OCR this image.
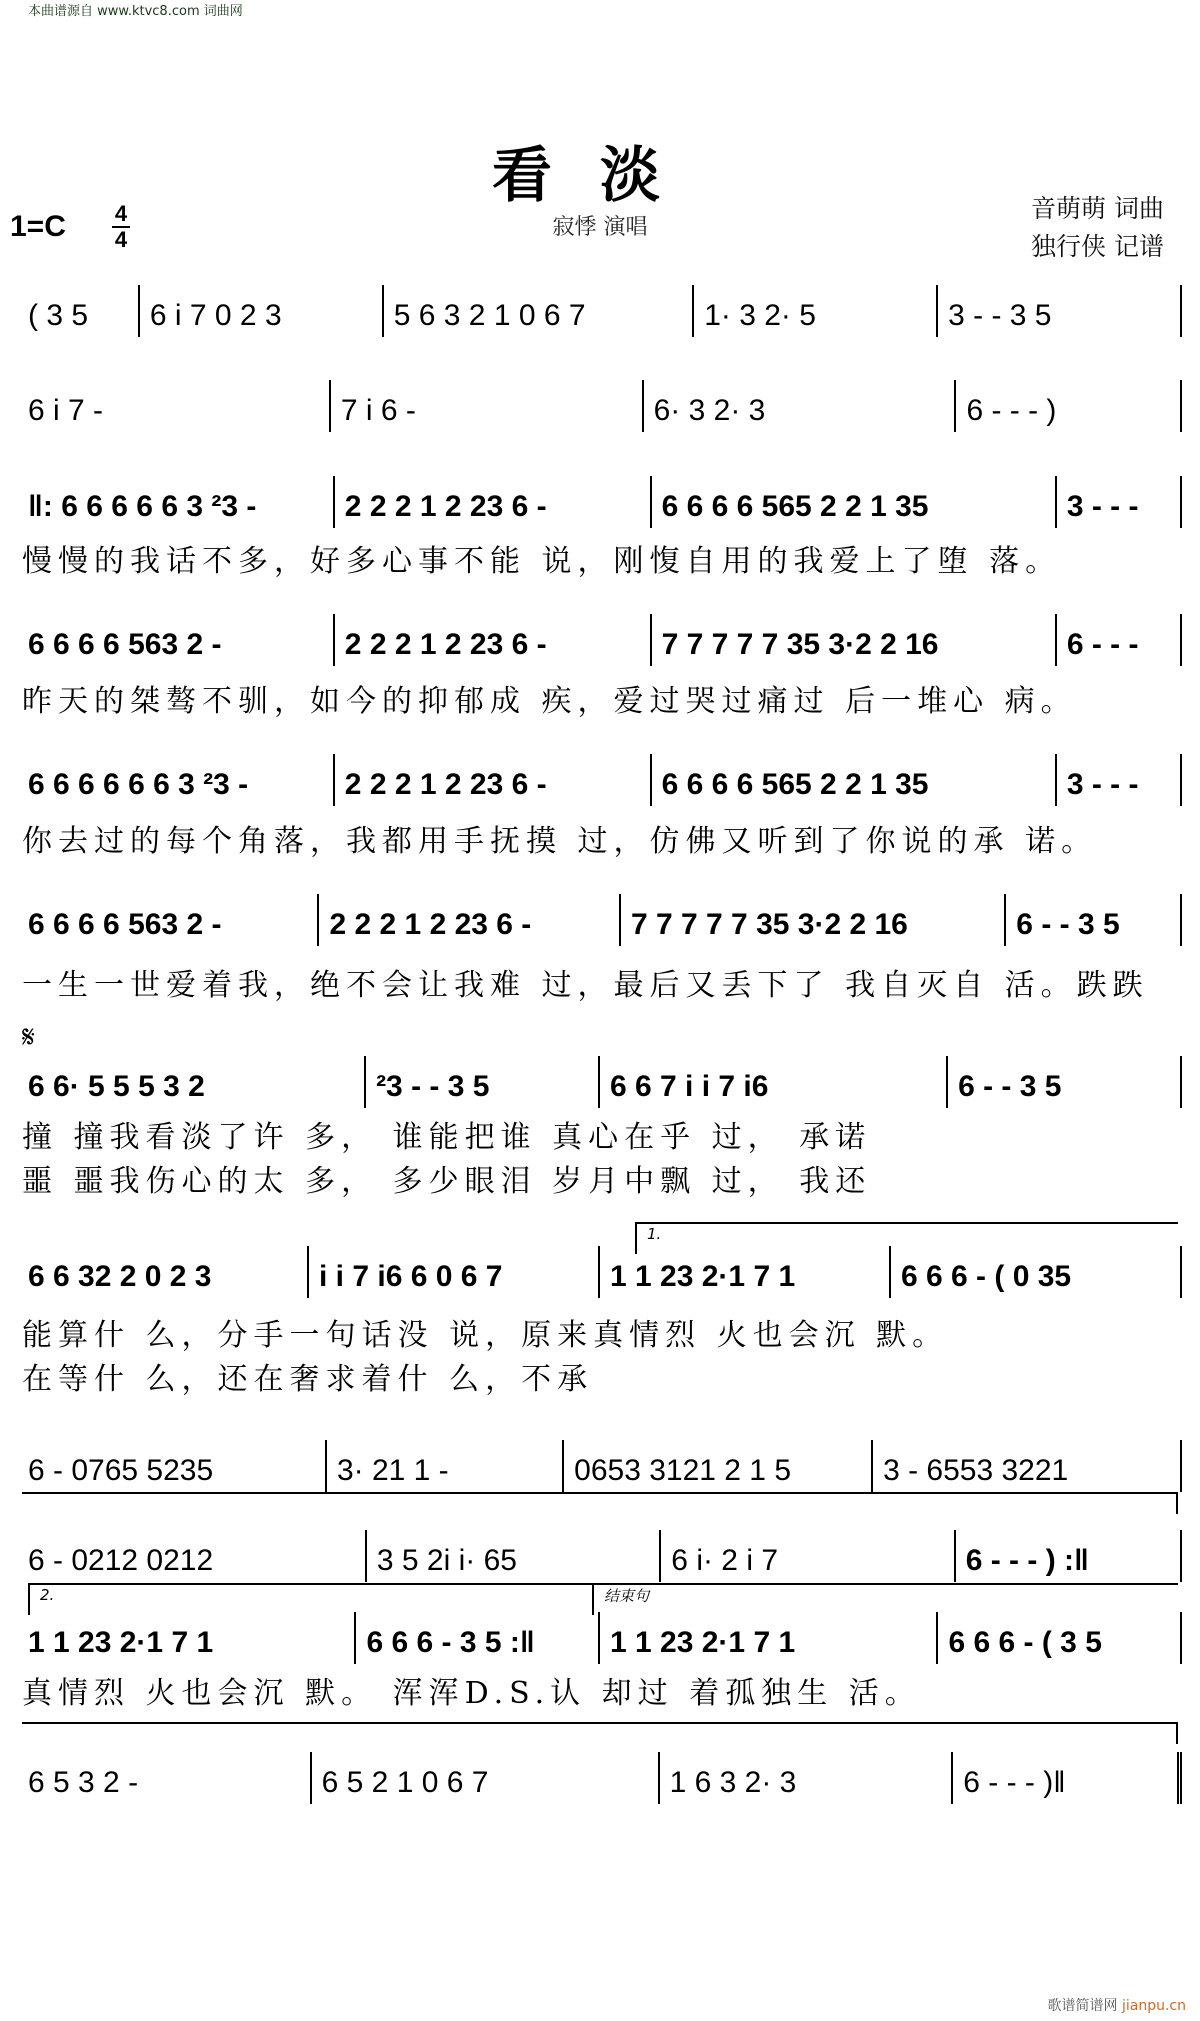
本曲谱源自 www.ktvc8.com 词曲网
看淡
寂悸 演唱
1=C 4
4
音萌萌 词曲
独行侠 记谱
( 3 5	6 i 7 0 2 3	5 6 3 2 1 0 6 7	1· 3 2· 5	3 - - 3 5
6 i 7 -	7 i 6 -	6· 3 2· 3	6 - - - )
‖: 6 6 6 6 6 3 ²3 -	2 2 2 1 2 23 6 -	6 6 6 6 565 2 2 1 35	3 - - -
慢慢的我话不多，好多心事不能 说，刚愎自用的我爱上了堕 落。
6 6 6 6 563 2 -	2 2 2 1 2 23 6 -	7 7 7 7 7 35 3·2 2 16	6 - - -
昨天的桀骜不驯，如今的抑郁成 疾，爱过哭过痛过 后一堆心 病。
6 6 6 6 6 6 3 ²3 -	2 2 2 1 2 23 6 -	6 6 6 6 565 2 2 1 35	3 - - -
你去过的每个角落，我都用手抚摸 过，仿佛又听到了你说的承 诺。
6 6 6 6 563 2 -	2 2 2 1 2 23 6 -	7 7 7 7 7 35 3·2 2 16	6 - - 3 5
一生一世爱着我，绝不会让我难 过，最后又丢下了 我自灭自 活。跌跌
𝄋
6 6· 5 5 5 3 2	²3 - - 3 5	6 6 7 i i 7 i6	6 - - 3 5
撞 撞我看淡了许 多， 谁能把谁 真心在乎 过， 承诺
噩 噩我伤心的太 多， 多少眼泪 岁月中飘 过， 我还
1.
6 6 32 2 0 2 3	i i 7 i6 6 0 6 7	1 1 23 2·1 7 1	6 6 6 - ( 0 35
能算什 么，分手一句话没 说，原来真情烈 火也会沉 默。
在等什 么，还在奢求着什 么，不承
6 - 0765 5235	3· 21 1 -	0653 3121 2 1 5	3 - 6553 3221
6 - 0212 0212	3 5 2i i· 65	6 i· 2 i 7	6 - - - ) :‖
2.	结束句
1 1 23 2·1 7 1	6 6 6 - 3 5 :‖	1 1 23 2·1 7 1	6 6 6 - ( 3 5
真情烈 火也会沉 默。 浑浑D.S.认 却过 着孤独生 活。
6 5 3 2 -	6 5 2 1 0 6 7	1 6 3 2· 3	6 - - - )‖
歌谱简谱网 jianpu.cn
